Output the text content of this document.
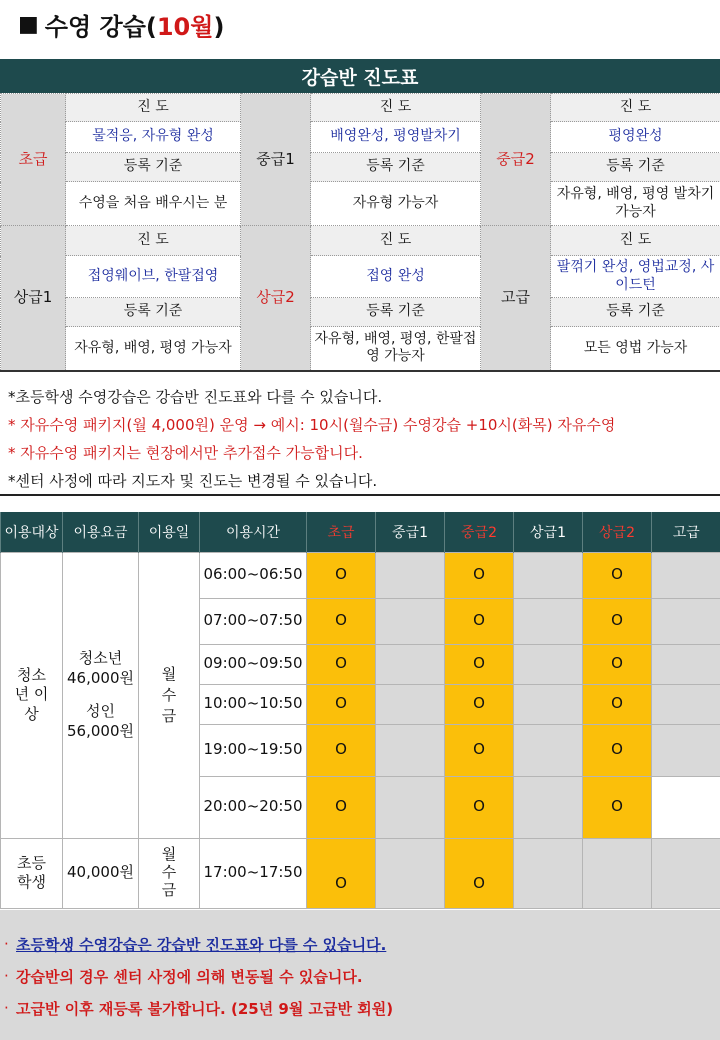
■ 수영 강습(10월)
강습반 진도표
초급	진 도	중급1	진 도	중급2	진 도
	물적응, 자유형 완성		배영완성, 평영발차기		평영완성
	등록 기준		등록 기준		등록 기준
	수영을 처음 배우시는 분		자유형 가능자		자유형, 배영, 평영 발차기 가능자
상급1	진 도	상급2	진 도	고급	진 도
	접영웨이브, 한팔접영		접영 완성		팔꺾기 완성, 영법교정, 사이드턴
	등록 기준		등록 기준		등록 기준
	자유형, 배영, 평영 가능자		자유형, 배영, 평영, 한팔접영 가능자		모든 영법 가능자
*초등학생 수영강습은 강습반 진도표와 다를 수 있습니다.
* 자유수영 패키지(월 4,000원) 운영 → 예시: 10시(월수금) 수영강습 + 10시(화목) 자유수영
* 자유수영 패키지는 현장에서만 추가접수 가능합니다.
*센터 사정에 따라 지도자 및 진도는 변경될 수 있습니다.
이용대상	이용요금	이용일	이용시간	초급	중급1	중급2	상급1	상급2	고급
청소년 이상	청소년
46,000원
성인
56,000원	월 수 금	06:00~06:50	O		O		O	
			07:00~07:50	O		O		O	
			09:00~09:50	O		O		O	
			10:00~10:50	O		O		O	
			19:00~19:50	O		O		O	
			20:00~20:50	O		O		O	
초등 학생	40,000원	월 수 금	17:00~17:50	O		O			
· 초등학생 수영강습은 강습반 진도표와 다를 수 있습니다.
· 강습반의 경우 센터 사정에 의해 변동될 수 있습니다.
· 고급반 이후 재등록 불가합니다. (25년 9월 고급반 회원)
